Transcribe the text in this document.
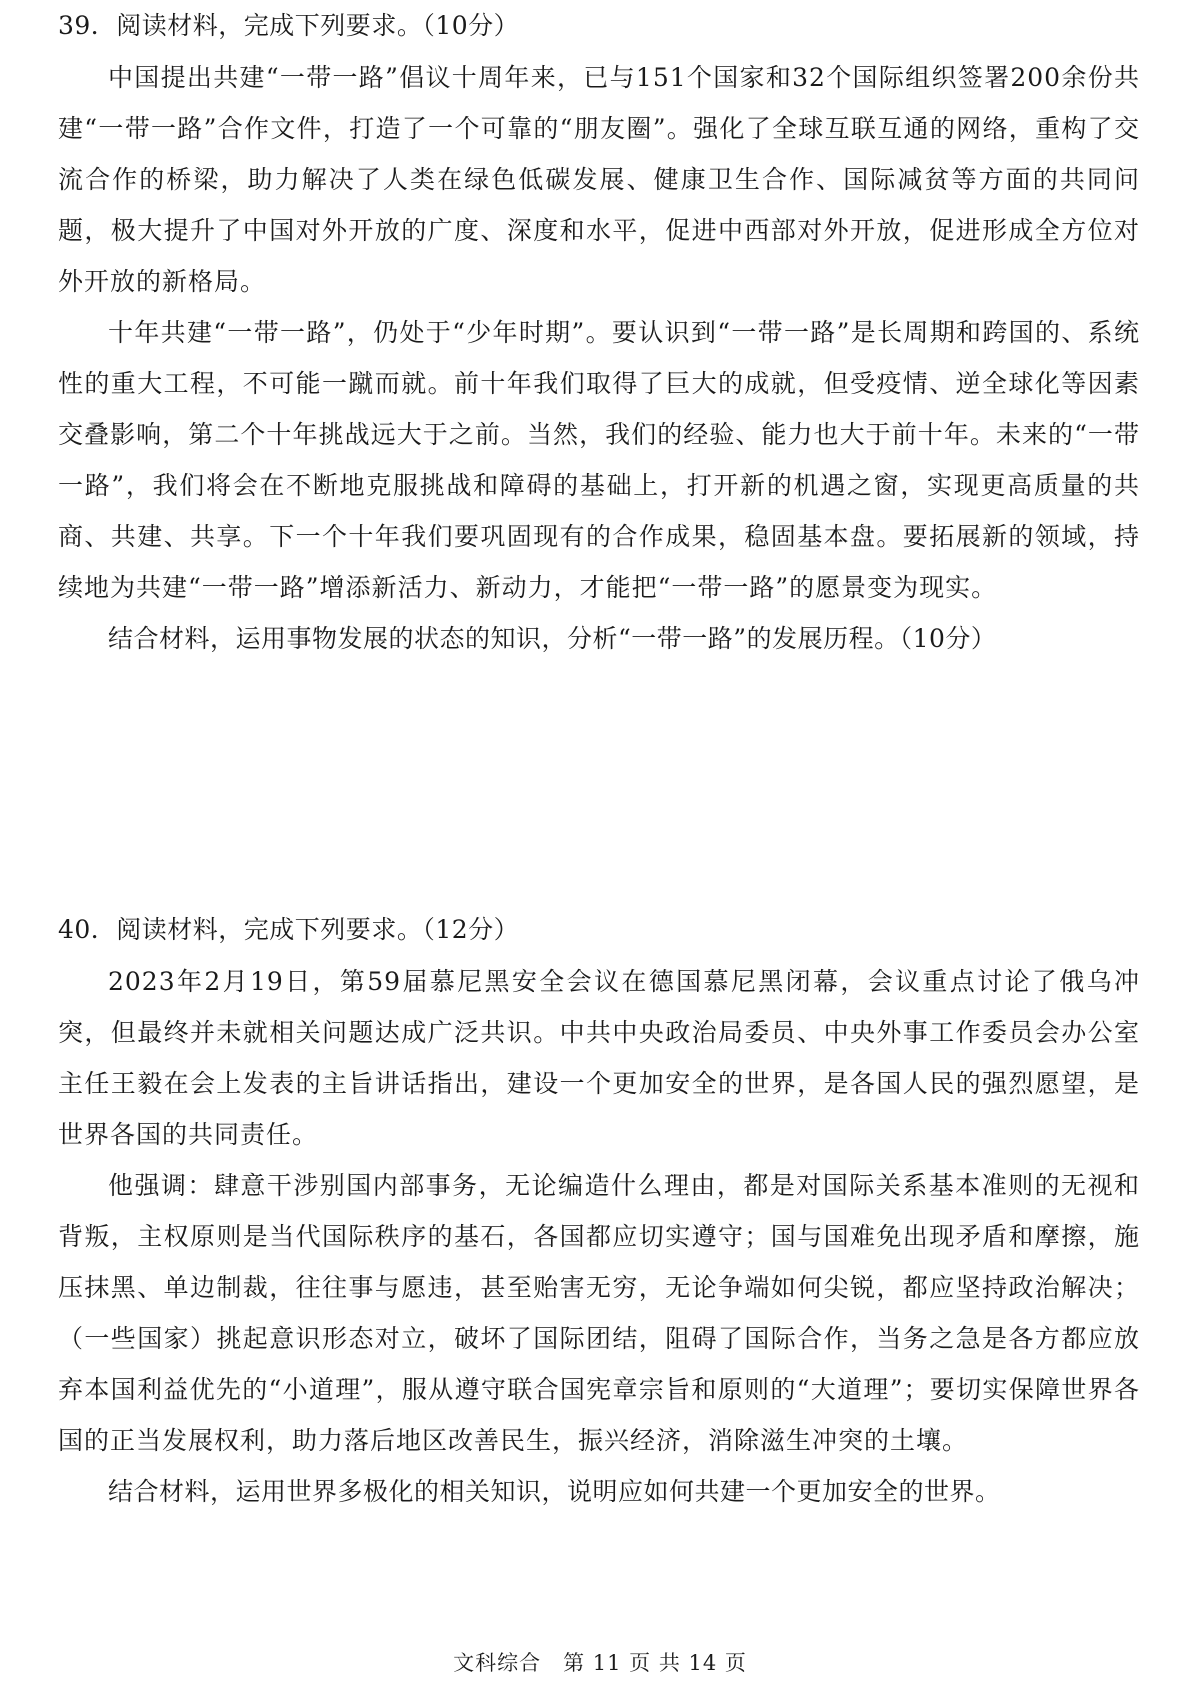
39．阅读材料，完成下列要求。（10分）

中国提出共建“一带一路”倡议十周年来，已与151个国家和32个国际组织签署200余份共建“一带一路”合作文件，打造了一个可靠的“朋友圈”。强化了全球互联互通的网络，重构了交流合作的桥梁，助力解决了人类在绿色低碳发展、健康卫生合作、国际减贫等方面的共同问题，极大提升了中国对外开放的广度、深度和水平，促进中西部对外开放，促进形成全方位对外开放的新格局。

十年共建“一带一路”，仍处于“少年时期”。要认识到“一带一路”是长周期和跨国的、系统性的重大工程，不可能一蹴而就。前十年我们取得了巨大的成就，但受疫情、逆全球化等因素交叠影响，第二个十年挑战远大于之前。当然，我们的经验、能力也大于前十年。未来的“一带一路”，我们将会在不断地克服挑战和障碍的基础上，打开新的机遇之窗，实现更高质量的共商、共建、共享。下一个十年我们要巩固现有的合作成果，稳固基本盘。要拓展新的领域，持续地为共建“一带一路”增添新活力、新动力，才能把“一带一路”的愿景变为现实。

结合材料，运用事物发展的状态的知识，分析“一带一路”的发展历程。（10分）

40．阅读材料，完成下列要求。（12分）

2023年2月19日，第59届慕尼黑安全会议在德国慕尼黑闭幕，会议重点讨论了俄乌冲突，但最终并未就相关问题达成广泛共识。中共中央政治局委员、中央外事工作委员会办公室主任王毅在会上发表的主旨讲话指出，建设一个更加安全的世界，是各国人民的强烈愿望，是世界各国的共同责任。

他强调：肆意干涉别国内部事务，无论编造什么理由，都是对国际关系基本准则的无视和背叛，主权原则是当代国际秩序的基石，各国都应切实遵守；国与国难免出现矛盾和摩擦，施压抹黑、单边制裁，往往事与愿违，甚至贻害无穷，无论争端如何尖锐，都应坚持政治解决；（一些国家）挑起意识形态对立，破坏了国际团结，阻碍了国际合作，当务之急是各方都应放弃本国利益优先的“小道理”，服从遵守联合国宪章宗旨和原则的“大道理”；要切实保障世界各国的正当发展权利，助力落后地区改善民生，振兴经济，消除滋生冲突的土壤。

结合材料，运用世界多极化的相关知识，说明应如何共建一个更加安全的世界。

文科综合　第 11 页 共 14 页
